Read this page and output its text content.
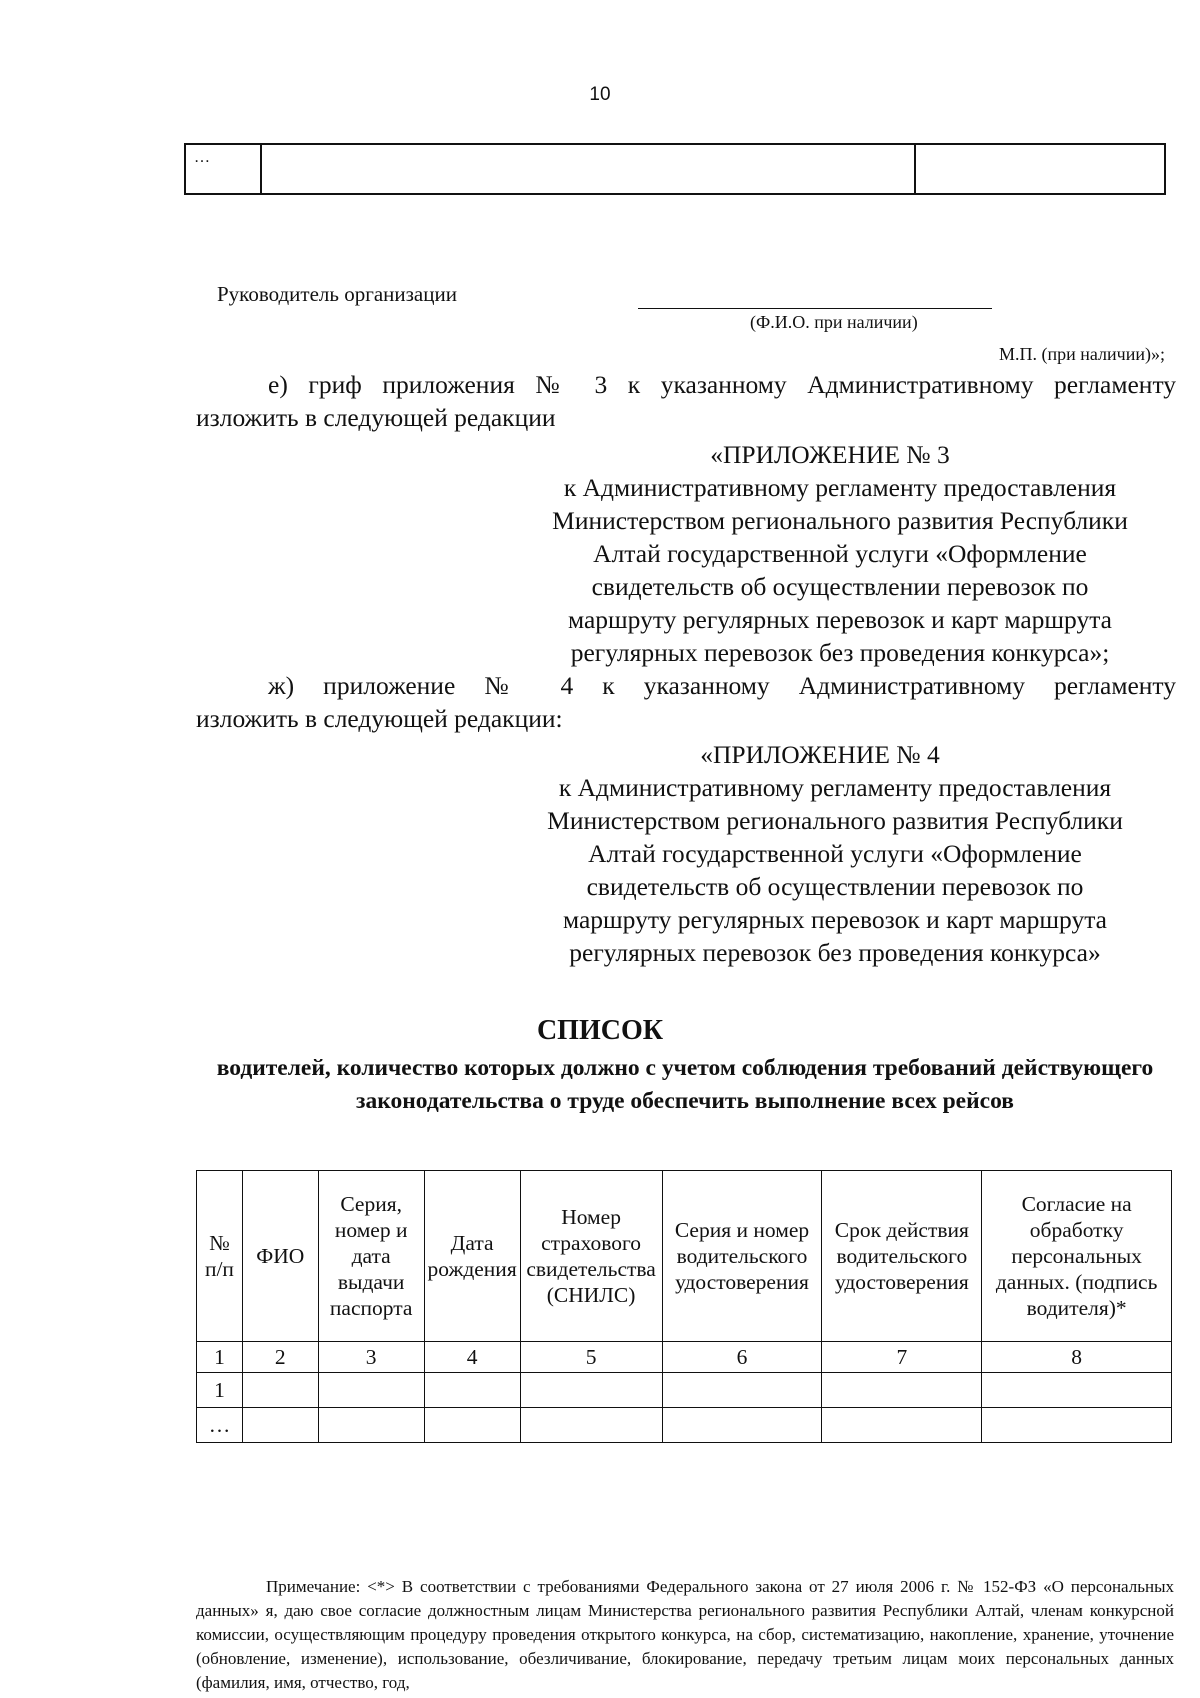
10
…		
Руководитель организации
(Ф.И.О. при наличии)
М.П. (при наличии)»;
е) гриф приложения № 3 к указанному Административному регламенту
изложить в следующей редакции
«ПРИЛОЖЕНИЕ № 3
к Административному регламенту предоставления
Министерством регионального развития Республики
Алтай государственной услуги «Оформление
свидетельств об осуществлении перевозок по
маршруту регулярных перевозок и карт маршрута
регулярных перевозок без проведения конкурса»;
ж) приложение № 4 к указанному Административному регламенту
изложить в следующей редакции:
«ПРИЛОЖЕНИЕ № 4
к Административному регламенту предоставления
Министерством регионального развития Республики
Алтай государственной услуги «Оформление
свидетельств об осуществлении перевозок по
маршруту регулярных перевозок и карт маршрута
регулярных перевозок без проведения конкурса»
СПИСОК
водителей, количество которых должно с учетом соблюдения требований действующего законодательства о труде обеспечить выполнение всех рейсов
№ п/п	ФИО	Серия, номер и дата выдачи паспорта	Дата рождения	Номер страхового свидетельства (СНИЛС)	Серия и номер водительского удостоверения	Срок действия водительского удостоверения	Согласие на обработку персональных данных. (подпись водителя)*
1	2	3	4	5	6	7	8
1							
…							
Примечание: <*> В соответствии с требованиями Федерального закона от 27 июля 2006 г. № 152-ФЗ «О персональных данных» я, даю свое согласие должностным лицам Министерства регионального развития Республики Алтай, членам конкурсной комиссии, осуществляющим процедуру проведения открытого конкурса, на сбор, систематизацию, накопление, хранение, уточнение (обновление, изменение), использование, обезличивание, блокирование, передачу третьим лицам моих персональных данных (фамилия, имя, отчество, год,
